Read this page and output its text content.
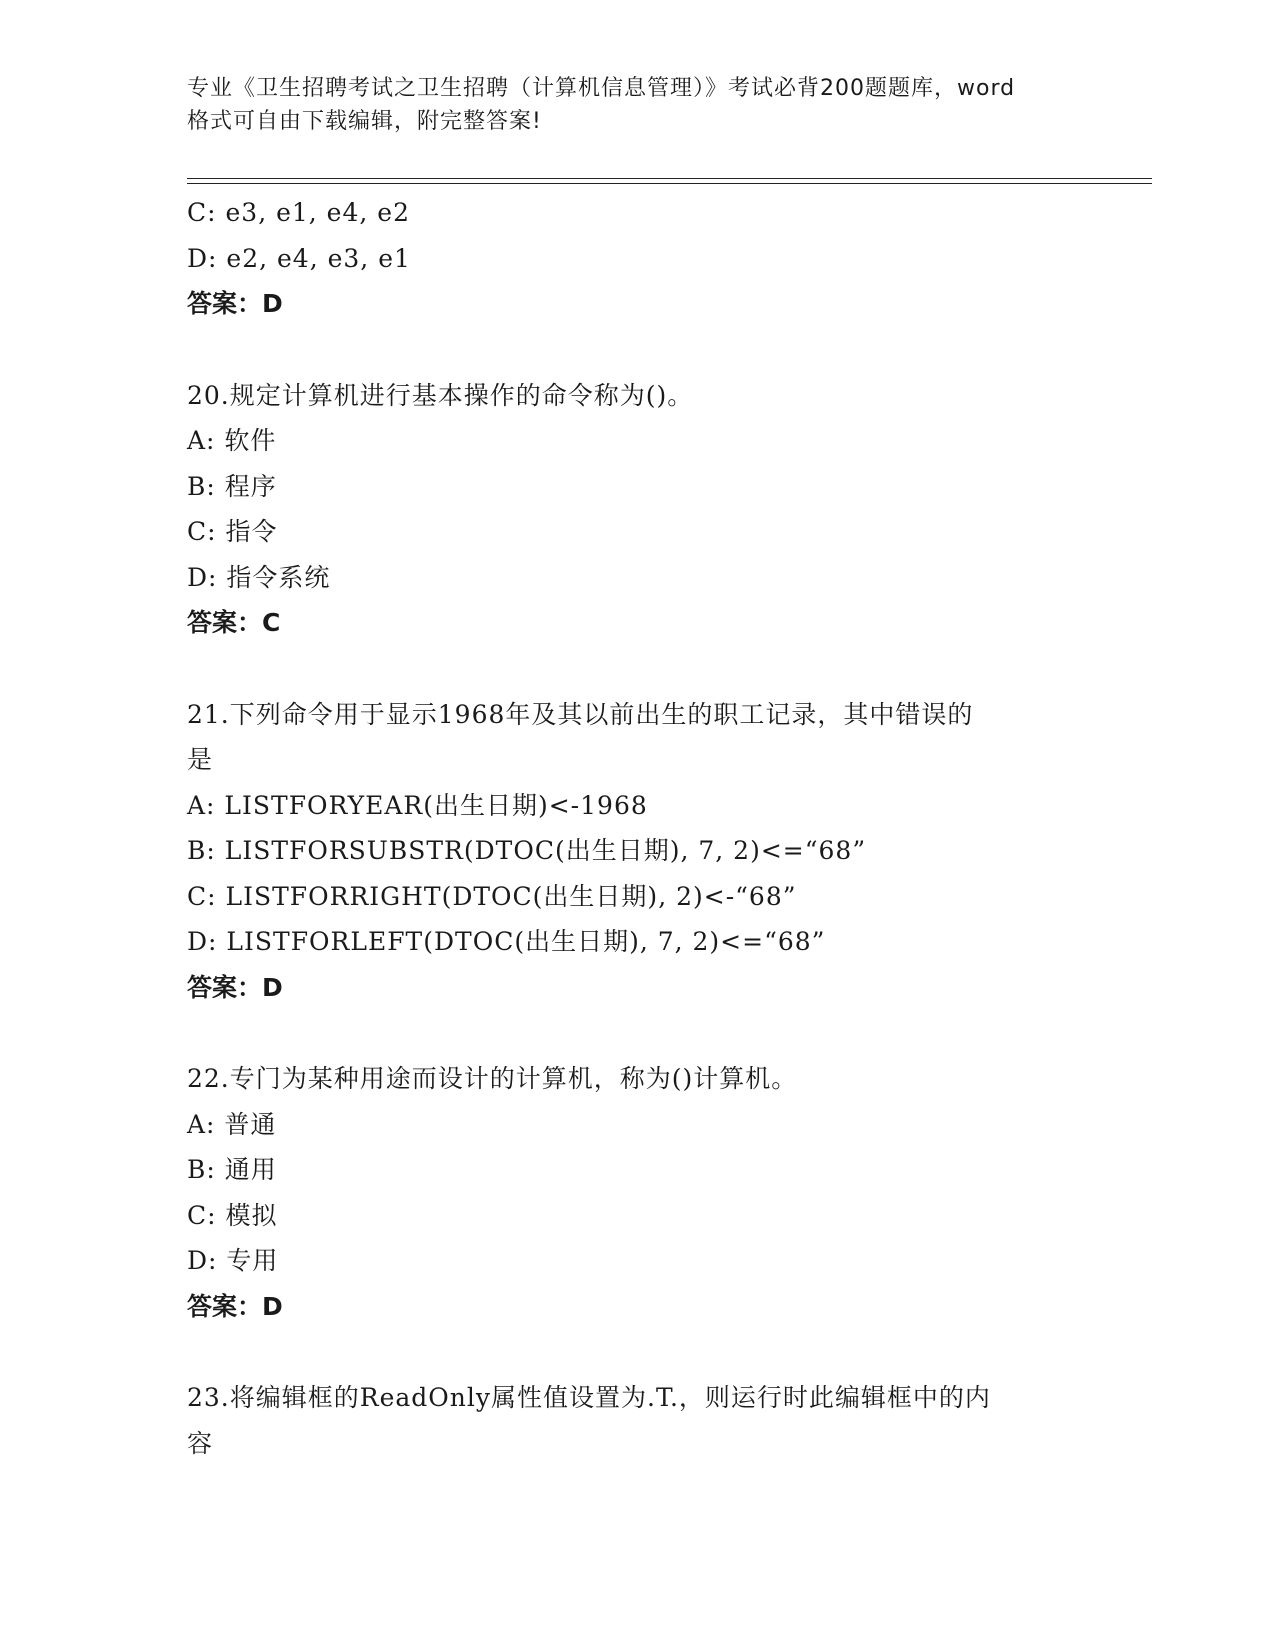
专业《卫生招聘考试之卫生招聘（计算机信息管理）》考试必背200题题库，word
格式可自由下载编辑，附完整答案!
C: e3, e1, e4, e2
D: e2, e4, e3, e1
答案：D
20.规定计算机进行基本操作的命令称为()。
A: 软件
B: 程序
C: 指令
D: 指令系统
答案：C
21.下列命令用于显示1968年及其以前出生的职工记录，其中错误的
是
A: LISTFORYEAR(出生日期)<-1968
B: LISTFORSUBSTR(DTOC(出生日期), 7, 2)<=“68”
C: LISTFORRIGHT(DTOC(出生日期), 2)<-“68”
D: LISTFORLEFT(DTOC(出生日期), 7, 2)<=“68”
答案：D
22.专门为某种用途而设计的计算机，称为()计算机。
A: 普通
B: 通用
C: 模拟
D: 专用
答案：D
23.将编辑框的ReadOnly属性值设置为.T.，则运行时此编辑框中的内
容
